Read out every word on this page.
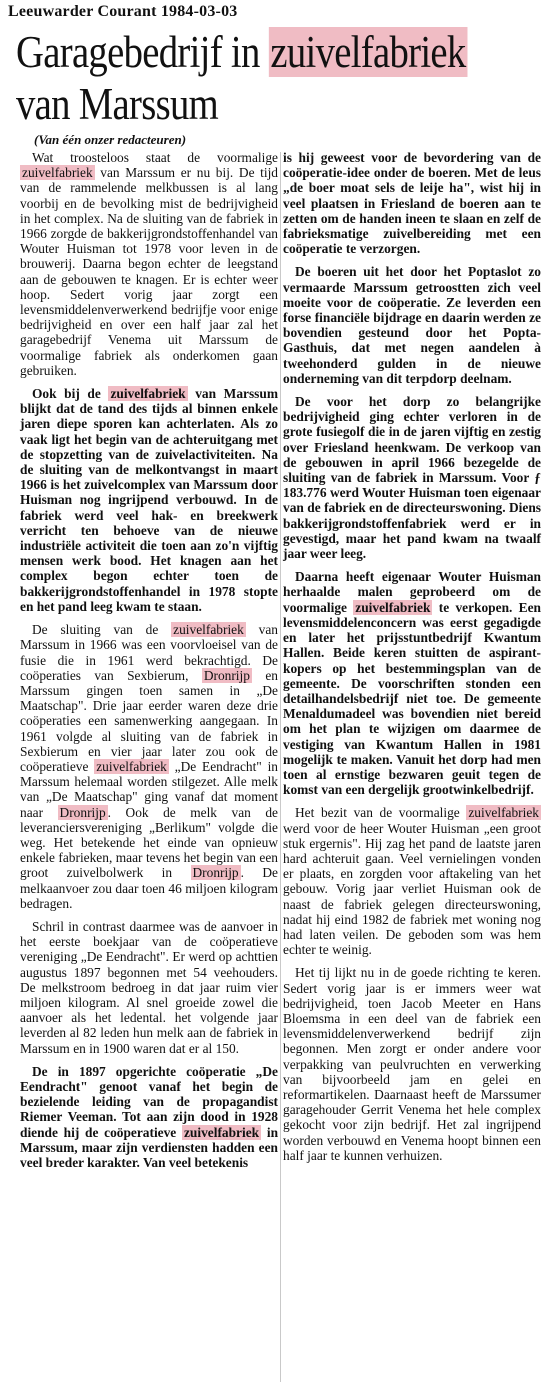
Leeuwarder Courant 1984-03-03
Garagebedrijf in zuivelfabriek
van Marssum
(Van één onzer redacteuren)

Wat troosteloos staat de voormalige zuivelfabriek van Marssum er nu bij. De tijd van de rammelende melkbussen is al lang voorbij en de bevolking mist de bedrijvigheid in het complex. Na de sluiting van de fabriek in 1966 zorgde de bakkerijgrondstoffenhandel van Wouter Huisman tot 1978 voor leven in de brouwerij. Daarna begon echter de leegstand aan de gebouwen te knagen. Er is echter weer hoop. Sedert vorig jaar zorgt een levensmiddelenverwerkend bedrijfje voor enige bedrijvigheid en over een half jaar zal het garagebedrijf Venema uit Marssum de voormalige fabriek als onderkomen gaan gebruiken.

Ook bij de zuivelfabriek van Marssum blijkt dat de tand des tijds al binnen enkele jaren diepe sporen kan achterlaten. Als zo vaak ligt het begin van de achteruitgang met de stopzetting van de zuivelactiviteiten. Na de sluiting van de melkontvangst in maart 1966 is het zuivelcomplex van Marssum door Huisman nog ingrijpend verbouwd. In de fabriek werd veel hak- en breekwerk verricht ten behoeve van de nieuwe industriële activiteit die toen aan zo'n vijftig mensen werk bood. Het knagen aan het complex begon echter toen de bakkerijgrondstoffenhandel in 1978 stopte en het pand leeg kwam te staan.

De sluiting van de zuivelfabriek van Marssum in 1966 was een voorvloeisel van de fusie die in 1961 werd bekrachtigd. De coöperaties van Sexbierum, Dronrijp en Marssum gingen toen samen in „De Maatschap". Drie jaar eerder waren deze drie coöperaties een samenwerking aangegaan. In 1961 volgde al sluiting van de fabriek in Sexbierum en vier jaar later zou ook de coöperatieve zuivelfabriek „De Eendracht" in Marssum helemaal worden stilgezet. Alle melk van „De Maatschap" ging vanaf dat moment naar Dronrijp . Ook de melk van de leveranciersvereniging „Berlikum" volgde die weg. Het betekende het einde van opnieuw enkele fabrieken, maar tevens het begin van een groot zuivelbolwerk in Dronrijp . De melkaanvoer zou daar toen 46 miljoen kilogram bedragen.

Schril in contrast daarmee was de aanvoer in het eerste boekjaar van de coöperatieve vereniging „De Eendracht". Er werd op achttien augustus 1897 begonnen met 54 veehouders. De melkstroom bedroeg in dat jaar ruim vier miljoen kilogram. Al snel groeide zowel die aanvoer als het ledental. het volgende jaar leverden al 82 leden hun melk aan de fabriek in Marssum en in 1900 waren dat er al 150.

De in 1897 opgerichte coöperatie „De Eendracht" genoot vanaf het begin de bezielende leiding van de propagandist Riemer Veeman. Tot aan zijn dood in 1928 diende hij de coöperatieve zuivelfabriek in Marssum, maar zijn verdiensten hadden een veel breder karakter. Van veel betekenis

is hij geweest voor de bevordering van de coöperatie-idee onder de boeren. Met de leus „de boer moat sels de leije ha", wist hij in veel plaatsen in Friesland de boeren aan te zetten om de handen ineen te slaan en zelf de fabrieksmatige zuivelbereiding met een coöperatie te verzorgen.

De boeren uit het door het Poptaslot zo vermaarde Marssum getroostten zich veel moeite voor de coöperatie. Ze leverden een forse financiële bijdrage en daarin werden ze bovendien gesteund door het Popta-Gasthuis, dat met negen aandelen à tweehonderd gulden in de nieuwe onderneming van dit terpdorp deelnam.

De voor het dorp zo belangrijke bedrijvigheid ging echter verloren in de grote fusiegolf die in de jaren vijftig en zestig over Friesland heenkwam. De verkoop van de gebouwen in april 1966 bezegelde de sluiting van de fabriek in Marssum. Voor ƒ 183.776 werd Wouter Huisman toen eigenaar van de fabriek en de directeurswoning. Diens bakkerijgrondstoffenfabriek werd er in gevestigd, maar het pand kwam na twaalf jaar weer leeg.

Daarna heeft eigenaar Wouter Huisman herhaalde malen geprobeerd om de voormalige zuivelfabriek te verkopen. Een levensmiddelenconcern was eerst gegadigde en later het prijsstuntbedrijf Kwantum Hallen. Beide keren stuitten de aspirant-kopers op het bestemmingsplan van de gemeente. De voorschriften stonden een detailhandelsbedrijf niet toe. De gemeente Menaldumadeel was bovendien niet bereid om het plan te wijzigen om daarmee de vestiging van Kwantum Hallen in 1981 mogelijk te maken. Vanuit het dorp had men toen al ernstige bezwaren geuit tegen de komst van een dergelijk grootwinkelbedrijf.

Het bezit van de voormalige zuivelfabriek werd voor de heer Wouter Huisman „een groot stuk ergernis". Hij zag het pand de laatste jaren hard achteruit gaan. Veel vernielingen vonden er plaats, en zorgden voor aftakeling van het gebouw. Vorig jaar verliet Huisman ook de naast de fabriek gelegen directeurswoning, nadat hij eind 1982 de fabriek met woning nog had laten veilen. De geboden som was hem echter te weinig.

Het tij lijkt nu in de goede richting te keren. Sedert vorig jaar is er immers weer wat bedrijvigheid, toen Jacob Meeter en Hans Bloemsma in een deel van de fabriek een levensmiddelenverwerkend bedrijf zijn begonnen. Men zorgt er onder andere voor verpakking van peulvruchten en verwerking van bijvoorbeeld jam en gelei en reformartikelen. Daarnaast heeft de Marssumer garagehouder Gerrit Venema het hele complex gekocht voor zijn bedrijf. Het zal ingrijpend worden verbouwd en Venema hoopt binnen een half jaar te kunnen verhuizen.
